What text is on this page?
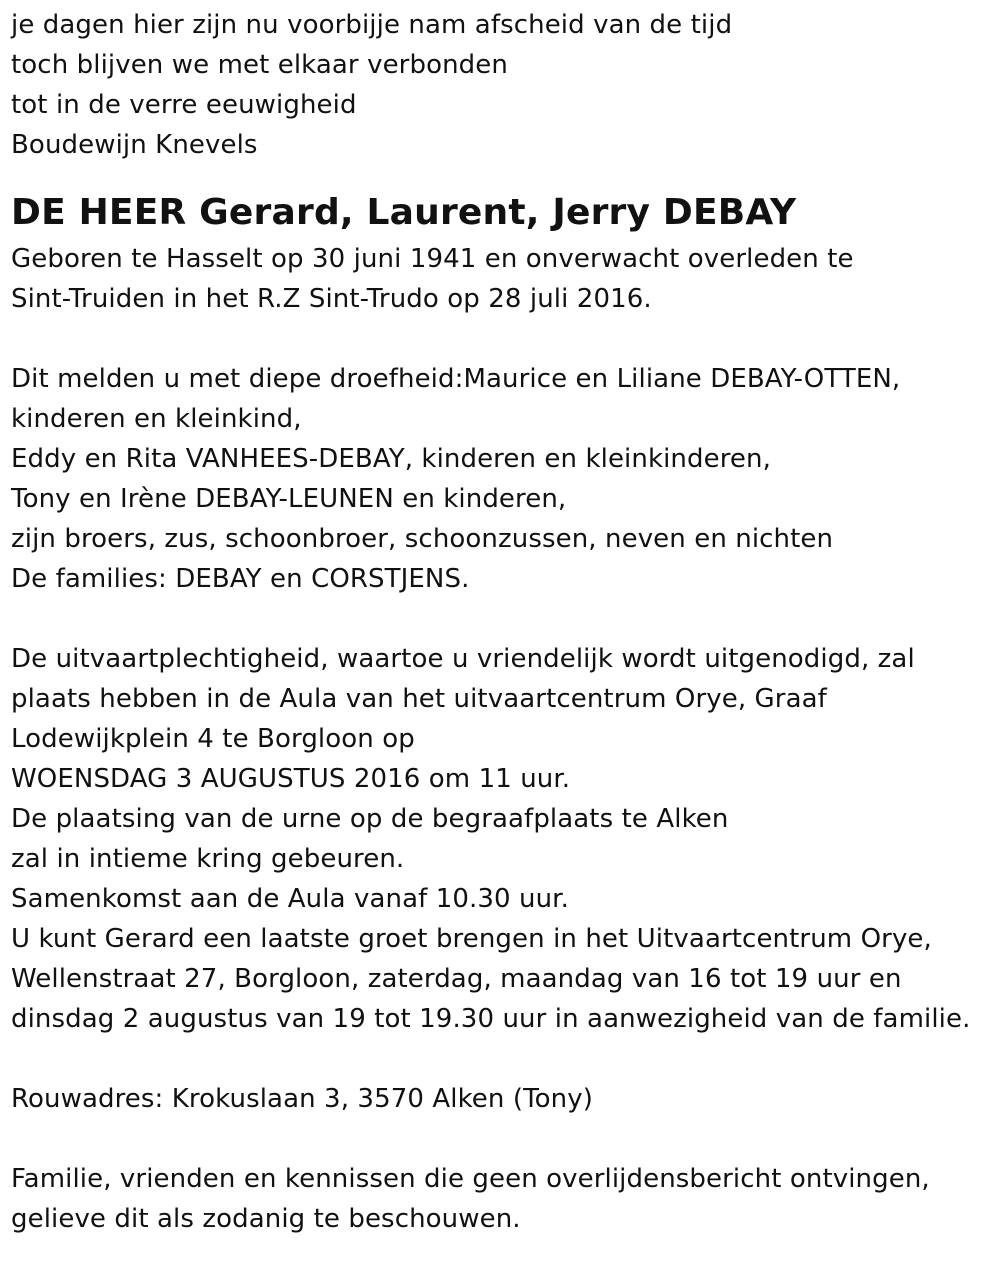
je dagen hier zijn nu voorbijje nam afscheid van de tijd
toch blijven we met elkaar verbonden
tot in de verre eeuwigheid
Boudewijn Knevels
DE HEER Gerard, Laurent, Jerry DEBAY
Geboren te Hasselt op 30 juni 1941 en onverwacht overleden te
Sint-Truiden in het R.Z Sint-Trudo op 28 juli 2016.
Dit melden u met diepe droefheid:Maurice en Liliane DEBAY-OTTEN,
kinderen en kleinkind,
Eddy en Rita VANHEES-DEBAY, kinderen en kleinkinderen,
Tony en Irène DEBAY-LEUNEN en kinderen,
zijn broers, zus, schoonbroer, schoonzussen, neven en nichten
De families: DEBAY en CORSTJENS.
De uitvaartplechtigheid, waartoe u vriendelijk wordt uitgenodigd, zal
plaats hebben in de Aula van het uitvaartcentrum Orye, Graaf
Lodewijkplein 4 te Borgloon op
WOENSDAG 3 AUGUSTUS 2016 om 11 uur.
De plaatsing van de urne op de begraafplaats te Alken
zal in intieme kring gebeuren.
Samenkomst aan de Aula vanaf 10.30 uur.
U kunt Gerard een laatste groet brengen in het Uitvaartcentrum Orye,
Wellenstraat 27, Borgloon, zaterdag, maandag van 16 tot 19 uur en
dinsdag 2 augustus van 19 tot 19.30 uur in aanwezigheid van de familie.
Rouwadres: Krokuslaan 3, 3570 Alken (Tony)
Familie, vrienden en kennissen die geen overlijdensbericht ontvingen,
gelieve dit als zodanig te beschouwen.
